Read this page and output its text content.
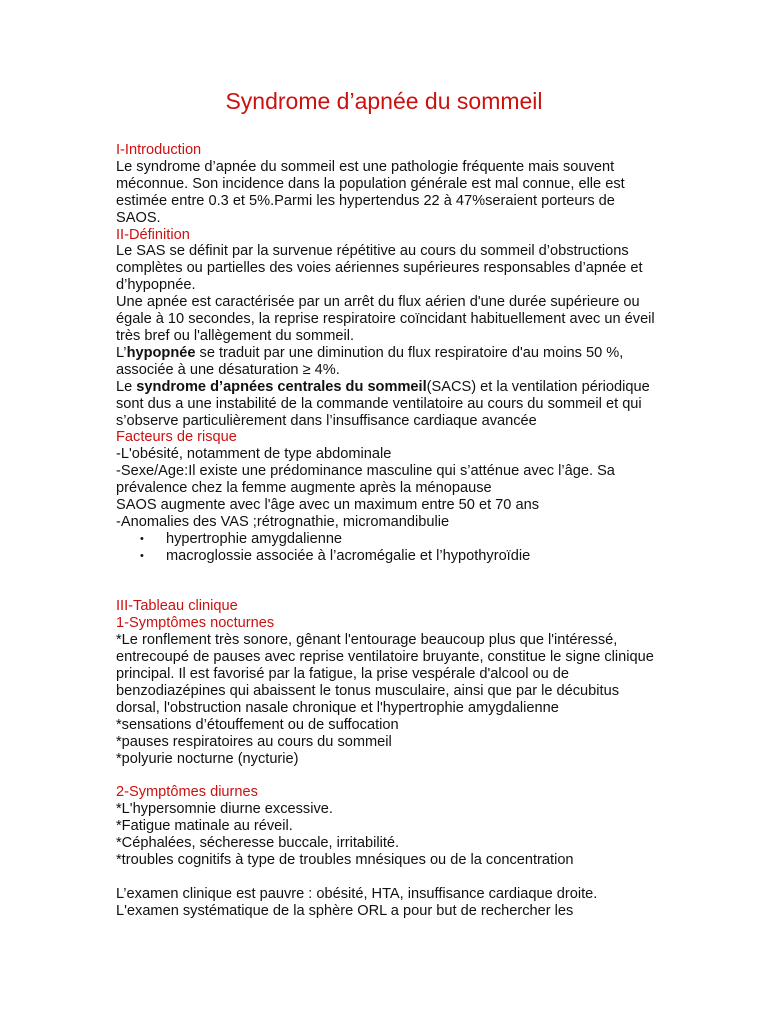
Syndrome d’apnée du sommeil

I-Introduction

Le syndrome d’apnée du sommeil est une pathologie fréquente mais souvent méconnue. Son incidence dans la population générale est mal connue, elle est estimée entre 0.3 et 5%.Parmi les hypertendus 22 à 47%seraient porteurs de SAOS.

II-Définition

Le SAS se définit par la survenue répétitive au cours du sommeil d’obstructions complètes ou partielles des voies aériennes supérieures responsables d’apnée et d’hypopnée.

Une apnée est caractérisée par un arrêt du flux aérien d'une durée supérieure ou égale à 10 secondes, la reprise respiratoire coïncidant habituellement avec un éveil très bref ou l'allègement du sommeil.

L’hypopnée se traduit par une diminution du flux respiratoire d'au moins 50 %, associée à une désaturation ≥ 4%.

Le syndrome d’apnées centrales du sommeil(SACS) et la ventilation périodique sont dus a une instabilité de la commande ventilatoire au cours du sommeil et qui s’observe particulièrement dans l’insuffisance cardiaque avancée

Facteurs de risque

-L'obésité, notamment de type abdominale

-Sexe/Age:Il existe une prédominance masculine qui s’atténue avec l’âge. Sa prévalence chez la femme augmente après la ménopause

SAOS augmente avec l'âge avec un maximum entre 50 et 70 ans

-Anomalies des VAS ;rétrognathie, micromandibulie

• hypertrophie amygdalienne
• macroglossie associée à l’acromégalie et l’hypothyroïdie

III-Tableau clinique

1-Symptômes nocturnes

*Le ronflement très sonore, gênant l'entourage beaucoup plus que l'intéressé, entrecoupé de pauses avec reprise ventilatoire bruyante, constitue le signe clinique principal. Il est favorisé par la fatigue, la prise vespérale d'alcool ou de benzodiazépines qui abaissent le tonus musculaire, ainsi que par le décubitus dorsal, l'obstruction nasale chronique et l'hypertrophie amygdalienne

*sensations d’étouffement ou de suffocation

*pauses respiratoires au cours du sommeil

*polyurie nocturne (nycturie)

2-Symptômes diurnes

*L'hypersomnie diurne excessive.

*Fatigue matinale au réveil.

*Céphalées, sécheresse buccale, irritabilité.

*troubles cognitifs à type de troubles mnésiques ou de la concentration

L’examen clinique est pauvre : obésité, HTA, insuffisance cardiaque droite.

L'examen systématique de la sphère ORL a pour but de rechercher les
